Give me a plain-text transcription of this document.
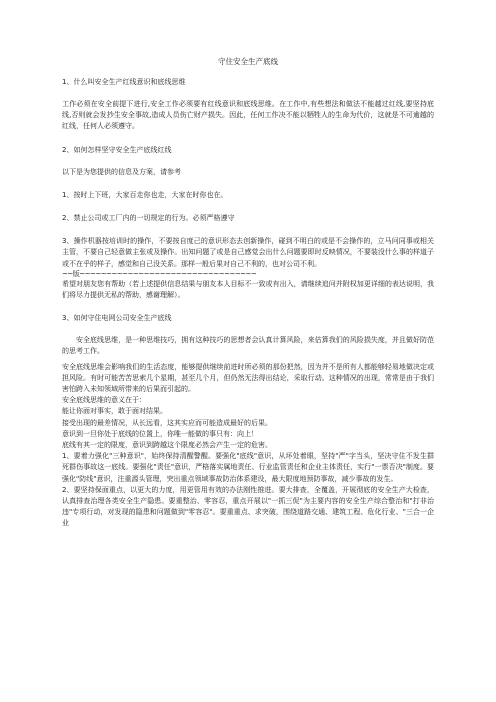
守住安全生产底线

1、什么叫安全生产红线意识和底线思维

工作必须在安全前提下进行,安全工作必须要有红线意识和底线思维。在工作中,有些想法和做法不能越过红线,要坚持底线,否则就会发抄生安全事故,造成人员伤亡财产损失。因此，任何工作决不能以牺牲人的生命为代价，这就是不可逾越的红线，任何人必须遵守。

2、如何怎样坚守安全生产底线红线

以下是为您提供的信息及方案，请参考

1、按时上下班，大家百走你也走，大家在时你也在。

2、禁止公司或工厂内的一切规定的行为。必须严格遵守

3、操作机器按培训时的操作，不要按自度己的意识形态去创新操作，碰到不明白的或是不会操作的，立马问同事或相关主管，不要自己轻意做主张或及操作。出知问题了或是自己感觉会出什么问题要即时反映情况，不要装没什么事的样道子或不在乎的样子，感觉和自己没关系。那样一般后果对自己不利的，也对公司不利。

~~版~~~~~~~~~~~~~~~~~~~~~~~~~~~~~~~~~

希望对朋友您有帮助（若上述提供信息结果与朋友本人目标不一致或有出入，请继续追问并附权加更详细的表达说明，我们将尽力提供无私的帮助，感谢理解）。

3、如何守住电网公司安全生产底线

安全底线思维，是一种思维技巧，拥有这种技巧的思想者会认真计算风险，来估算我们的风险损失度，并且做好防范的思考工作。

安全底线思维会影响我们的生活态度，能够提供继续前进时所必须的那份把然，因为并不是所有人都能够轻易地做决定或担风险。有时可能苦苦思索几个星期，甚至几个月，但仍然无法得出结论，采取行动。这种情况的出现，常常是由于我们害怕跨入未知领域所带来的后果而引起的。

安全底线思维的意义在于：

能让你面对事实，敢于面对结果。

接受出现的最差情况，从长远看，这其实应而可能造成最好的后果。

意识到一旦你处于底线的位置上，你唯一能做的事只有：向上！

底线有其一定的限度，意识到跨越这个限度必然会产生一定的危害。

1、要着力强化"三种意识"，始终保持清醒警醒。要强化"底线"意识，从坏处着眼，坚持"严"字当头，坚决守住不发生群死群伤事故这一底线。要强化"责任"意识，严格落实属地责任、行业监管责任和企业主体责任，实行"一票否决"制度。要强化"防线"意识，注重源头管理，突出重点领域事故防治体系建设，最大限度地预防事故，减少事故的发生。

2、要坚持保面重点，以更大的力度，用更管用有效的办法刚性推进。要大排查，全覆盖，开展彻底的安全生产大检查，认真排查治理各类安全生产隐患。要重整治、零容忍，重点开展以"一抓三促"为主要内容的安全生产综合整治和"打非治违"专项行动，对发现的隐患和问题做到"零容忍"。要重重点、求突破，围绕道路交通、建筑工程、危化行业、"三合一企业
